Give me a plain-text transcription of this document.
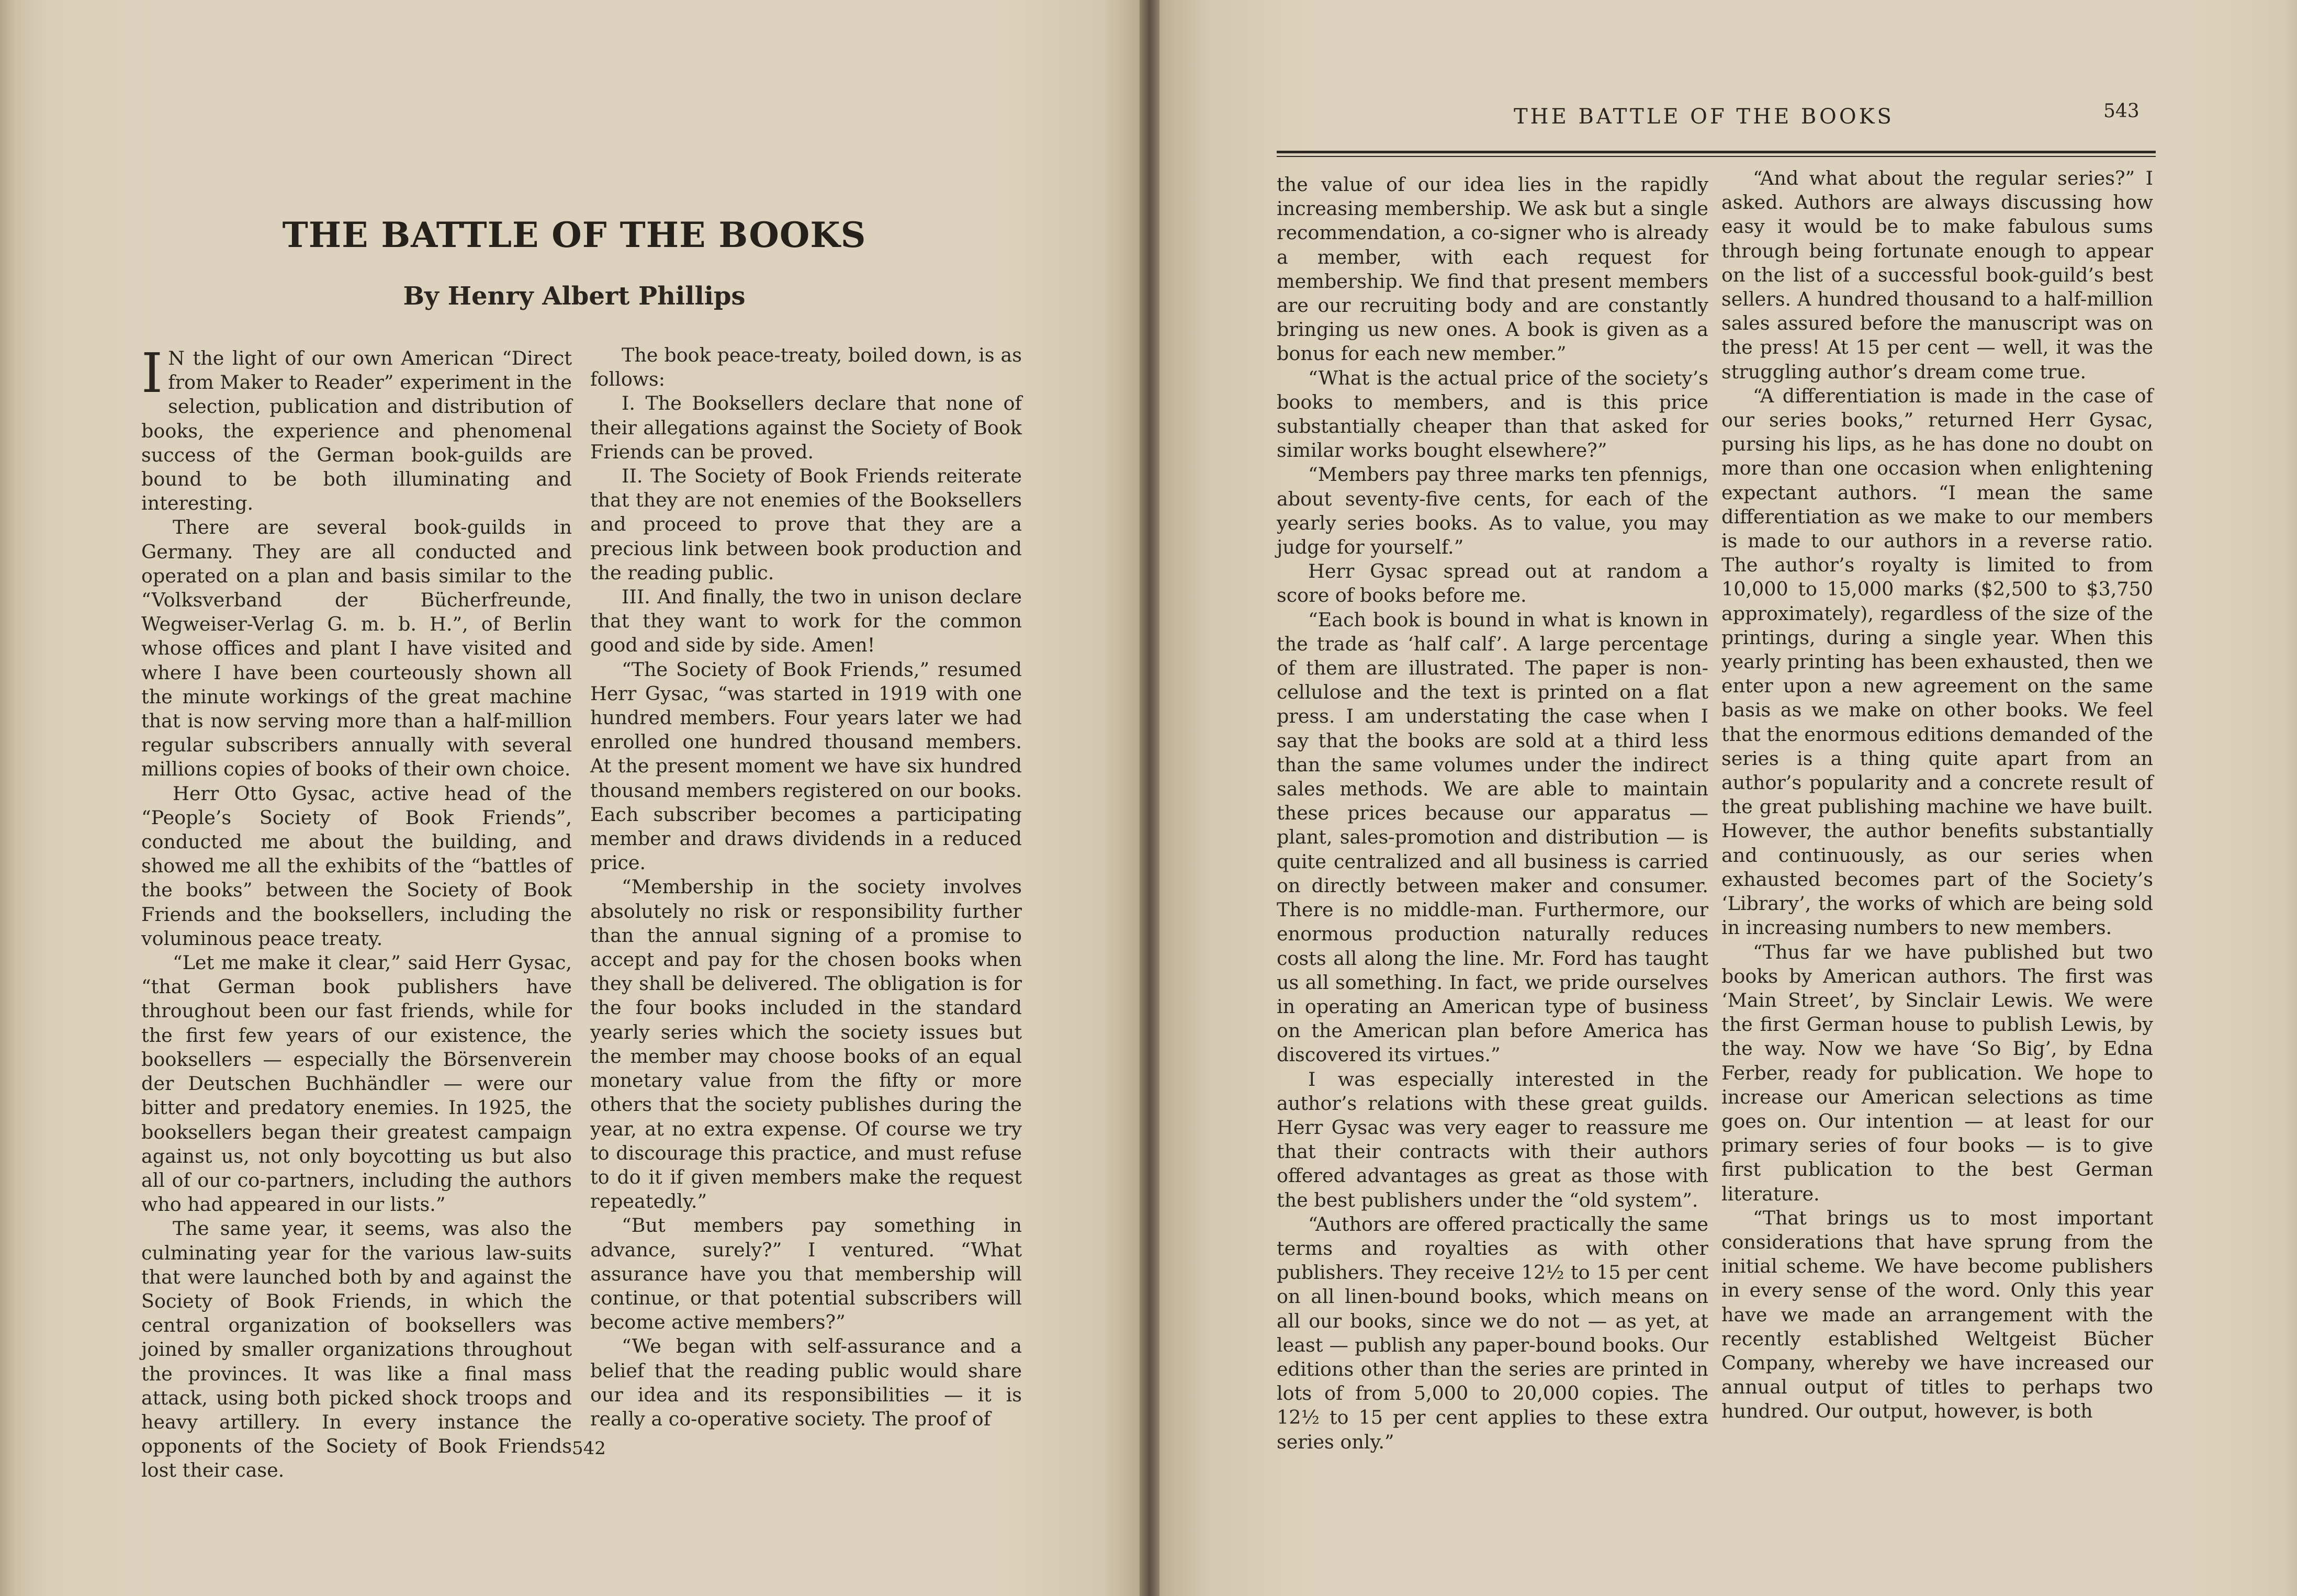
THE BATTLE OF THE BOOKS
By Henry Albert Phillips

I N the light of our own American “Direct from Maker to Reader” experiment in the selection, publication and distribution of books, the experience and phenomenal success of the German book-guilds are bound to be both illuminating and interesting.

There are several book-guilds in Germany. They are all conducted and operated on a plan and basis similar to the “Volksverband der Bücherfreunde, Wegweiser-Verlag G. m. b. H.”, of Berlin whose offices and plant I have visited and where I have been courteously shown all the minute workings of the great machine that is now serving more than a half-million regular subscribers annually with several millions copies of books of their own choice.

Herr Otto Gysac, active head of the “People’s Society of Book Friends”, conducted me about the building, and showed me all the exhibits of the “battles of the books” between the Society of Book Friends and the booksellers, including the voluminous peace treaty.

“Let me make it clear,” said Herr Gysac, “that German book publishers have throughout been our fast friends, while for the first few years of our existence, the booksellers — especially the Börsenverein der Deutschen Buchhändler — were our bitter and predatory enemies. In 1925, the booksellers began their greatest campaign against us, not only boycotting us but also all of our co-partners, including the authors who had appeared in our lists.”

The same year, it seems, was also the culminating year for the various law-suits that were launched both by and against the Society of Book Friends, in which the central organization of booksellers was joined by smaller organizations throughout the provinces. It was like a final mass attack, using both picked shock troops and heavy artillery. In every instance the opponents of the Society of Book Friends lost their case.

The book peace-treaty, boiled down, is as follows:

I. The Booksellers declare that none of their allegations against the Society of Book Friends can be proved.

II. The Society of Book Friends reiterate that they are not enemies of the Booksellers and proceed to prove that they are a precious link between book production and the reading public.

III. And finally, the two in unison declare that they want to work for the common good and side by side. Amen!

“The Society of Book Friends,” resumed Herr Gysac, “was started in 1919 with one hundred members. Four years later we had enrolled one hundred thousand members. At the present moment we have six hundred thousand members registered on our books. Each subscriber becomes a participating member and draws dividends in a reduced price.

“Membership in the society involves absolutely no risk or responsibility further than the annual signing of a promise to accept and pay for the chosen books when they shall be delivered. The obligation is for the four books included in the standard yearly series which the society issues but the member may choose books of an equal monetary value from the fifty or more others that the society publishes during the year, at no extra expense. Of course we try to discourage this practice, and must refuse to do it if given members make the request repeatedly.”

“But members pay something in advance, surely?” I ventured. “What assurance have you that membership will continue, or that potential subscribers will become active members?”

“We began with self-assurance and a belief that the reading public would share our idea and its responsibilities — it is really a co-operative society. The proof of

542

THE BATTLE OF THE BOOKS	543

the value of our idea lies in the rapidly increasing membership. We ask but a single recommendation, a co-signer who is already a member, with each request for membership. We find that present members are our recruiting body and are constantly bringing us new ones. A book is given as a bonus for each new member.”

“What is the actual price of the society’s books to members, and is this price substantially cheaper than that asked for similar works bought elsewhere?”

“Members pay three marks ten pfennigs, about seventy-five cents, for each of the yearly series books. As to value, you may judge for yourself.”

Herr Gysac spread out at random a score of books before me.

“Each book is bound in what is known in the trade as ‘half calf’. A large percentage of them are illustrated. The paper is non-cellulose and the text is printed on a flat press. I am understating the case when I say that the books are sold at a third less than the same volumes under the indirect sales methods. We are able to maintain these prices because our apparatus — plant, sales-promotion and distribution — is quite centralized and all business is carried on directly between maker and consumer. There is no middle-man. Furthermore, our enormous production naturally reduces costs all along the line. Mr. Ford has taught us all something. In fact, we pride ourselves in operating an American type of business on the American plan before America has discovered its virtues.”

I was especially interested in the author’s relations with these great guilds. Herr Gysac was very eager to reassure me that their contracts with their authors offered advantages as great as those with the best publishers under the “old system”.

“Authors are offered practically the same terms and royalties as with other publishers. They receive 12½ to 15 per cent on all linen-bound books, which means on all our books, since we do not — as yet, at least — publish any paper-bound books. Our editions other than the series are printed in lots of from 5,000 to 20,000 copies. The 12½ to 15 per cent applies to these extra series only.”

“And what about the regular series?” I asked. Authors are always discussing how easy it would be to make fabulous sums through being fortunate enough to appear on the list of a successful book-guild’s best sellers. A hundred thousand to a half-million sales assured before the manuscript was on the press! At 15 per cent — well, it was the struggling author’s dream come true.

“A differentiation is made in the case of our series books,” returned Herr Gysac, pursing his lips, as he has done no doubt on more than one occasion when enlightening expectant authors. “I mean the same differentiation as we make to our members is made to our authors in a reverse ratio. The author’s royalty is limited to from 10,000 to 15,000 marks ($2,500 to $3,750 approximately), regardless of the size of the printings, during a single year. When this yearly printing has been exhausted, then we enter upon a new agreement on the same basis as we make on other books. We feel that the enormous editions demanded of the series is a thing quite apart from an author’s popularity and a concrete result of the great publishing machine we have built. However, the author benefits substantially and continuously, as our series when exhausted becomes part of the Society’s ‘Library’, the works of which are being sold in increasing numbers to new members.

“Thus far we have published but two books by American authors. The first was ‘Main Street’, by Sinclair Lewis. We were the first German house to publish Lewis, by the way. Now we have ‘So Big’, by Edna Ferber, ready for publication. We hope to increase our American selections as time goes on. Our intention — at least for our primary series of four books — is to give first publication to the best German literature.

“That brings us to most important considerations that have sprung from the initial scheme. We have become publishers in every sense of the word. Only this year have we made an arrangement with the recently established Weltgeist Bücher Company, whereby we have increased our annual output of titles to perhaps two hundred. Our output, however, is both
